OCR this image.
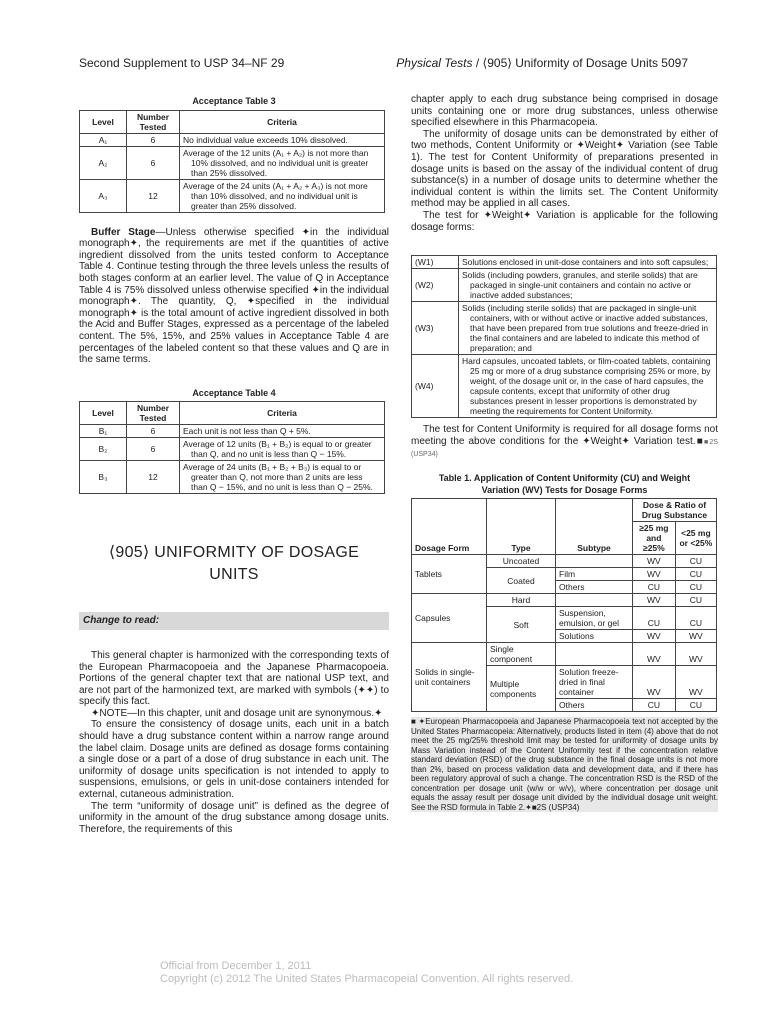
Second Supplement to USP 34–NF 29	Physical Tests / ⟨905⟩ Uniformity of Dosage Units 5097
Acceptance Table 3
Level	Number Tested	Criteria
A₁	6	No individual value exceeds 10% dissolved.
A₂	6	Average of the 12 units (A₁ + A₂) is not more than 10% dissolved, and no individual unit is greater than 25% dissolved.
A₃	12	Average of the 24 units (A₁ + A₂ + A₃) is not more than 10% dissolved, and no individual unit is greater than 25% dissolved.

Buffer Stage—Unless otherwise specified ✦in the individual monograph✦, the requirements are met if the quantities of active ingredient dissolved from the units tested conform to Acceptance Table 4. Continue testing through the three levels unless the results of both stages conform at an earlier level. The value of Q in Acceptance Table 4 is 75% dissolved unless otherwise specified ✦in the individual monograph✦. The quantity, Q, ✦specified in the individual monograph✦ is the total amount of active ingredient dissolved in both the Acid and Buffer Stages, expressed as a percentage of the labeled content. The 5%, 15%, and 25% values in Acceptance Table 4 are percentages of the labeled content so that these values and Q are in the same terms.

Acceptance Table 4
Level	Number Tested	Criteria
B₁	6	Each unit is not less than Q + 5%.
B₂	6	Average of 12 units (B₁ + B₂) is equal to or greater than Q, and no unit is less than Q − 15%.
B₃	12	Average of 24 units (B₁ + B₂ + B₃) is equal to or greater than Q, not more than 2 units are less than Q − 15%, and no unit is less than Q − 25%.
⟨905⟩ UNIFORMITY OF DOSAGE UNITS
Change to read:

This general chapter is harmonized with the corresponding texts of the European Pharmacopoeia and the Japanese Pharmacopoeia. Portions of the general chapter text that are national USP text, and are not part of the harmonized text, are marked with symbols (✦✦) to specify this fact.

✦NOTE—In this chapter, unit and dosage unit are synonymous.✦

To ensure the consistency of dosage units, each unit in a batch should have a drug substance content within a narrow range around the label claim. Dosage units are defined as dosage forms containing a single dose or a part of a dose of drug substance in each unit. The uniformity of dosage units specification is not intended to apply to suspensions, emulsions, or gels in unit-dose containers intended for external, cutaneous administration.

The term “uniformity of dosage unit” is defined as the degree of uniformity in the amount of the drug substance among dosage units. Therefore, the requirements of this

chapter apply to each drug substance being comprised in dosage units containing one or more drug substances, unless otherwise specified elsewhere in this Pharmacopeia.

The uniformity of dosage units can be demonstrated by either of two methods, Content Uniformity or ✦Weight✦ Variation (see Table 1). The test for Content Uniformity of preparations presented in dosage units is based on the assay of the individual content of drug substance(s) in a number of dosage units to determine whether the individual content is within the limits set. The Content Uniformity method may be applied in all cases.

The test for ✦Weight✦ Variation is applicable for the following dosage forms:

(W1)	Solutions enclosed in unit-dose containers and into soft capsules;
(W2)	Solids (including powders, granules, and sterile solids) that are packaged in single-unit containers and contain no active or inactive added substances;
(W3)	Solids (including sterile solids) that are packaged in single-unit containers, with or without active or inactive added substances, that have been prepared from true solutions and freeze-dried in the final containers and are labeled to indicate this method of preparation; and
(W4)	Hard capsules, uncoated tablets, or film-coated tablets, containing 25 mg or more of a drug substance comprising 25% or more, by weight, of the dosage unit or, in the case of hard capsules, the capsule contents, except that uniformity of other drug substances present in lesser proportions is demonstrated by meeting the requirements for Content Uniformity.

The test for Content Uniformity is required for all dosage forms not meeting the above conditions for the ✦Weight✦ Variation test.■■2S (USP34)

Table 1. Application of Content Uniformity (CU) and Weight Variation (WV) Tests for Dosage Forms
Dosage Form	Type	Subtype	Dose & Ratio of Drug Substance	
			≥25 mg and ≥25%	<25 mg or <25%
Tablets	Uncoated		WV	CU
	Coated	Film	WV	CU
		Others	CU	CU
Capsules	Hard		WV	CU
	Soft	Suspension, emulsion, or gel	CU	CU
		Solutions	WV	WV
Solids in single-unit containers	Single component		WV	WV
	Multiple components	Solution freeze-dried in final container	WV	WV
		Others	CU	CU

■ ✦European Pharmacopoeia and Japanese Pharmacopoeia text not accepted by the United States Pharmacopeia: Alternatively, products listed in item (4) above that do not meet the 25 mg/25% threshold limit may be tested for uniformity of dosage units by Mass Variation instead of the Content Uniformity test if the concentration relative standard deviation (RSD) of the drug substance in the final dosage units is not more than 2%, based on process validation data and development data, and if there has been regulatory approval of such a change. The concentration RSD is the RSD of the concentration per dosage unit (w/w or w/v), where concentration per dosage unit equals the assay result per dosage unit divided by the individual dosage unit weight. See the RSD formula in Table 2.✦■2S (USP34)

Official from December 1, 2011
Copyright (c) 2012 The United States Pharmacopeial Convention. All rights reserved.
